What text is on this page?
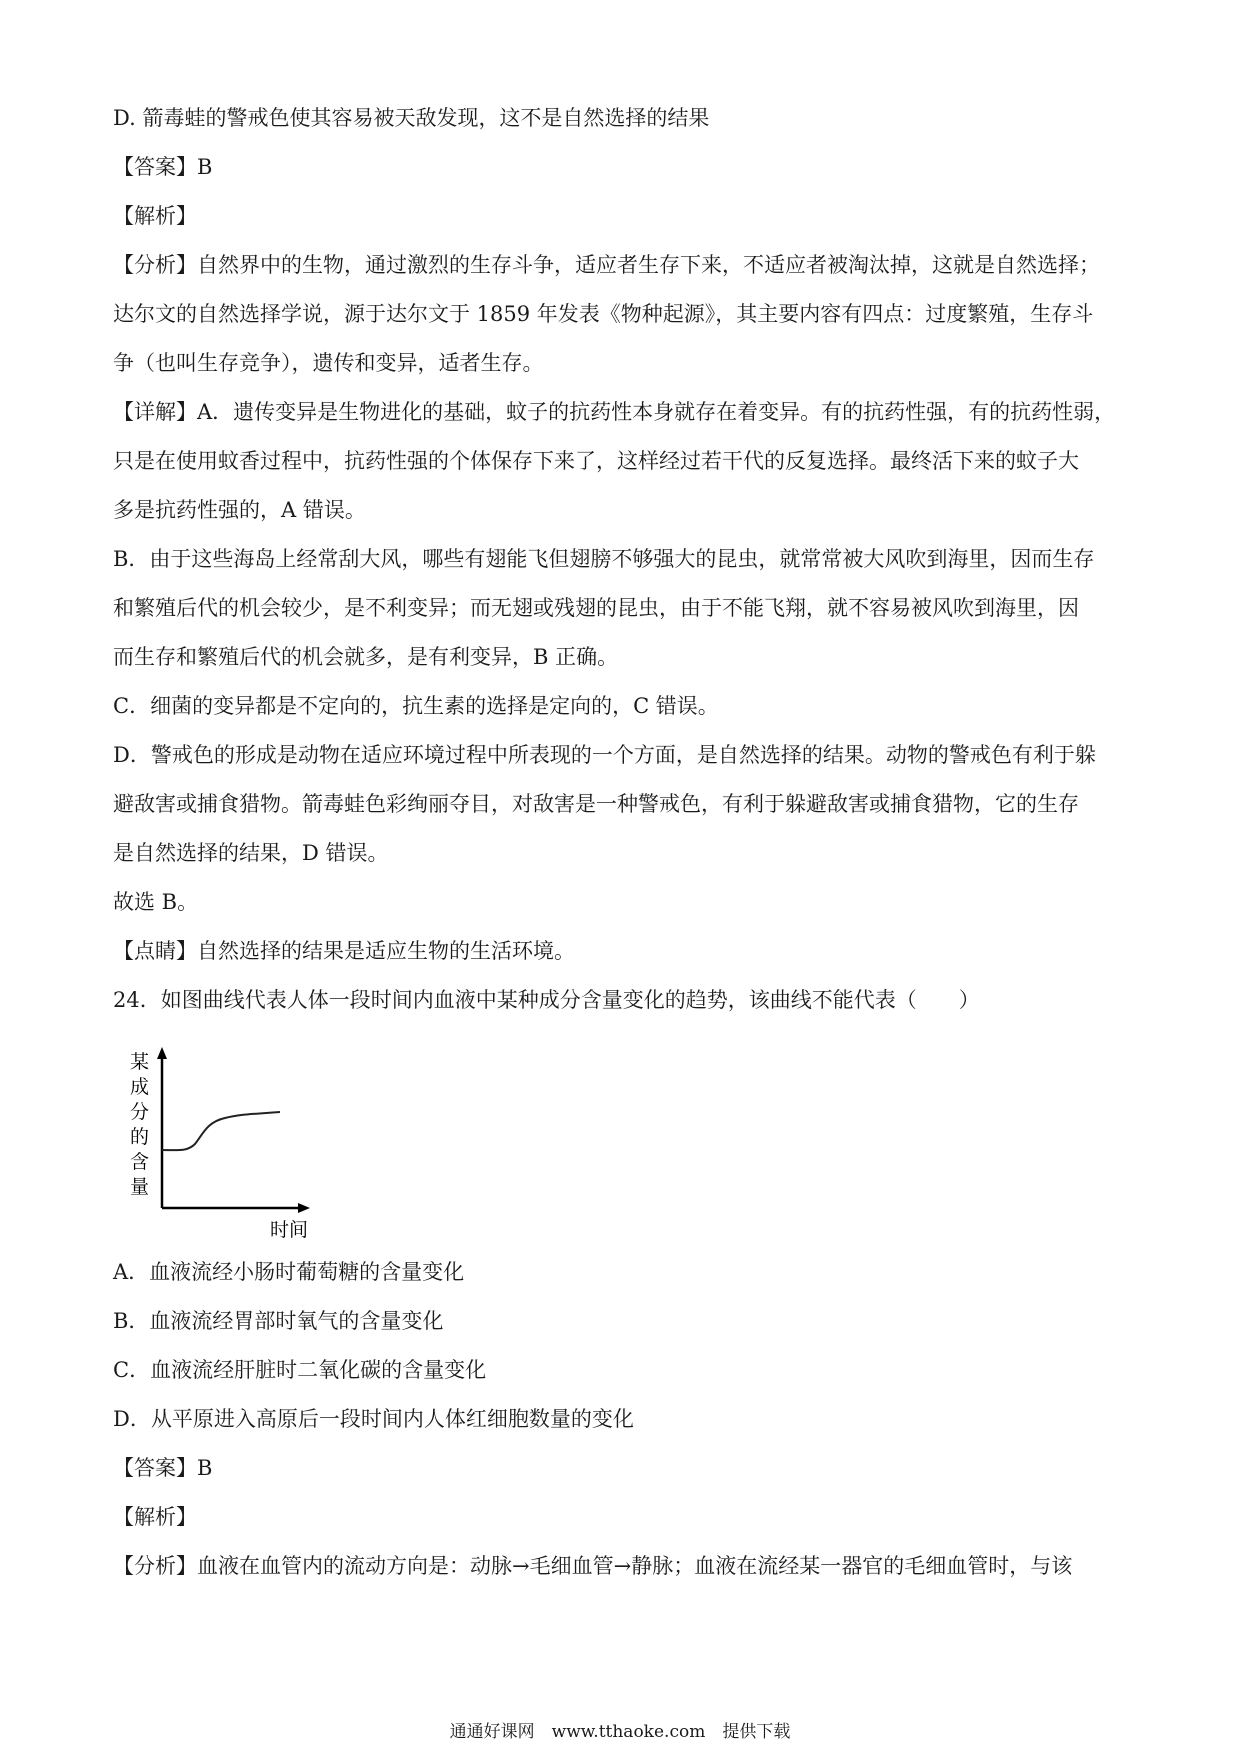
D. 箭毒蛙的警戒色使其容易被天敌发现，这不是自然选择的结果
【答案】B
【解析】
【分析】自然界中的生物，通过激烈的生存斗争，适应者生存下来，不适应者被淘汰掉，这就是自然选择；
达尔文的自然选择学说，源于达尔文于 1859 年发表《物种起源》，其主要内容有四点：过度繁殖，生存斗
争（也叫生存竞争），遗传和变异，适者生存。
【详解】A．遗传变异是生物进化的基础，蚊子的抗药性本身就存在着变异。有的抗药性强，有的抗药性弱，
只是在使用蚊香过程中，抗药性强的个体保存下来了，这样经过若干代的反复选择。最终活下来的蚊子大
多是抗药性强的，A 错误。
B．由于这些海岛上经常刮大风，哪些有翅能飞但翅膀不够强大的昆虫，就常常被大风吹到海里，因而生存
和繁殖后代的机会较少，是不利变异；而无翅或残翅的昆虫，由于不能飞翔，就不容易被风吹到海里，因
而生存和繁殖后代的机会就多，是有利变异，B 正确。
C．细菌的变异都是不定向的，抗生素的选择是定向的，C 错误。
D．警戒色的形成是动物在适应环境过程中所表现的一个方面，是自然选择的结果。动物的警戒色有利于躲
避敌害或捕食猎物。箭毒蛙色彩绚丽夺目，对敌害是一种警戒色，有利于躲避敌害或捕食猎物，它的生存
是自然选择的结果，D 错误。
故选 B。
【点睛】自然选择的结果是适应生物的生活环境。
24．如图曲线代表人体一段时间内血液中某种成分含量变化的趋势，该曲线不能代表（　　）
某
成
分
的
含
量
时间
A．血液流经小肠时葡萄糖的含量变化
B．血液流经胃部时氧气的含量变化
C．血液流经肝脏时二氧化碳的含量变化
D．从平原进入高原后一段时间内人体红细胞数量的变化
【答案】B
【解析】
【分析】血液在血管内的流动方向是：动脉→毛细血管→静脉；血液在流经某一器官的毛细血管时，与该
通通好课网　www.tthaoke.com　提供下载
